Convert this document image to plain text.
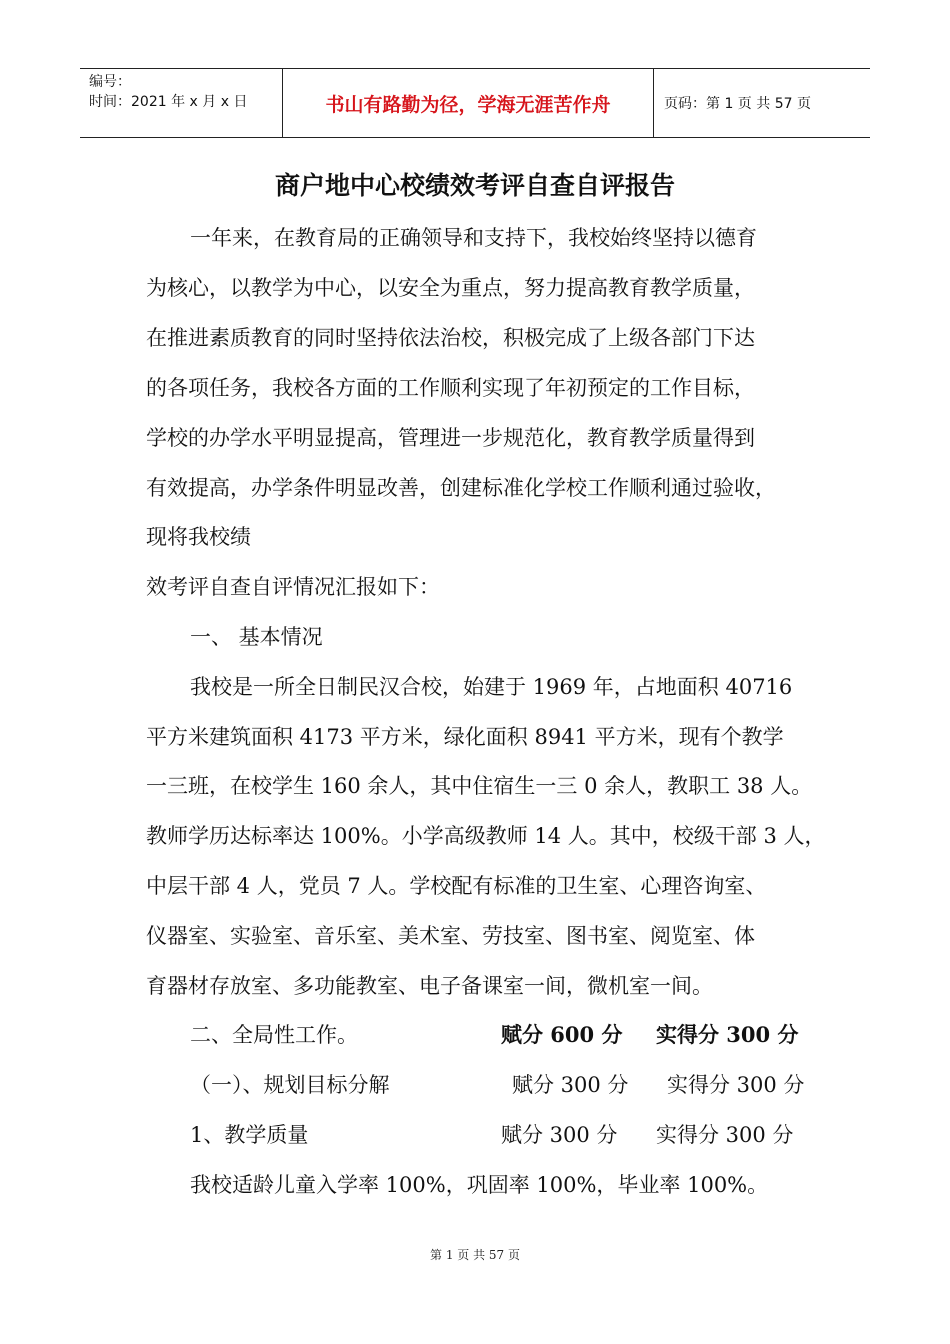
编号：
时间：2021 年 x 月 x 日	书山有路勤为径，学海无涯苦作舟	页码：第 1 页 共 57 页
商户地中心校绩效考评自查自评报告
一年来，在教育局的正确领导和支持下，我校始终坚持以德育
为核心，以教学为中心，以安全为重点，努力提高教育教学质量，
在推进素质教育的同时坚持依法治校，积极完成了上级各部门下达
的各项任务，我校各方面的工作顺利实现了年初预定的工作目标，
学校的办学水平明显提高，管理进一步规范化，教育教学质量得到
有效提高，办学条件明显改善，创建标准化学校工作顺利通过验收，
现将我校绩
效考评自查自评情况汇报如下：
一、 基本情况
我校是一所全日制民汉合校，始建于 1969 年，占地面积 40716
平方米建筑面积 4173 平方米，绿化面积 8941 平方米，现有个教学
一三班，在校学生 160 余人，其中住宿生一三 0 余人，教职工 38 人。
教师学历达标率达 100%。小学高级教师 14 人。其中，校级干部 3 人，
中层干部 4 人，党员 7 人。学校配有标准的卫生室、心理咨询室、
仪器室、实验室、音乐室、美术室、劳技室、图书室、阅览室、体
育器材存放室、多功能教室、电子备课室一间，微机室一间。
二、全局性工作。	赋分 600 分 实得分 300 分
（一）、规划目标分解	赋分 300 分 实得分 300 分
1、教学质量	赋分 300 分 实得分 300 分
我校适龄儿童入学率 100%，巩固率 100%，毕业率 100%。
第 1 页 共 57 页
